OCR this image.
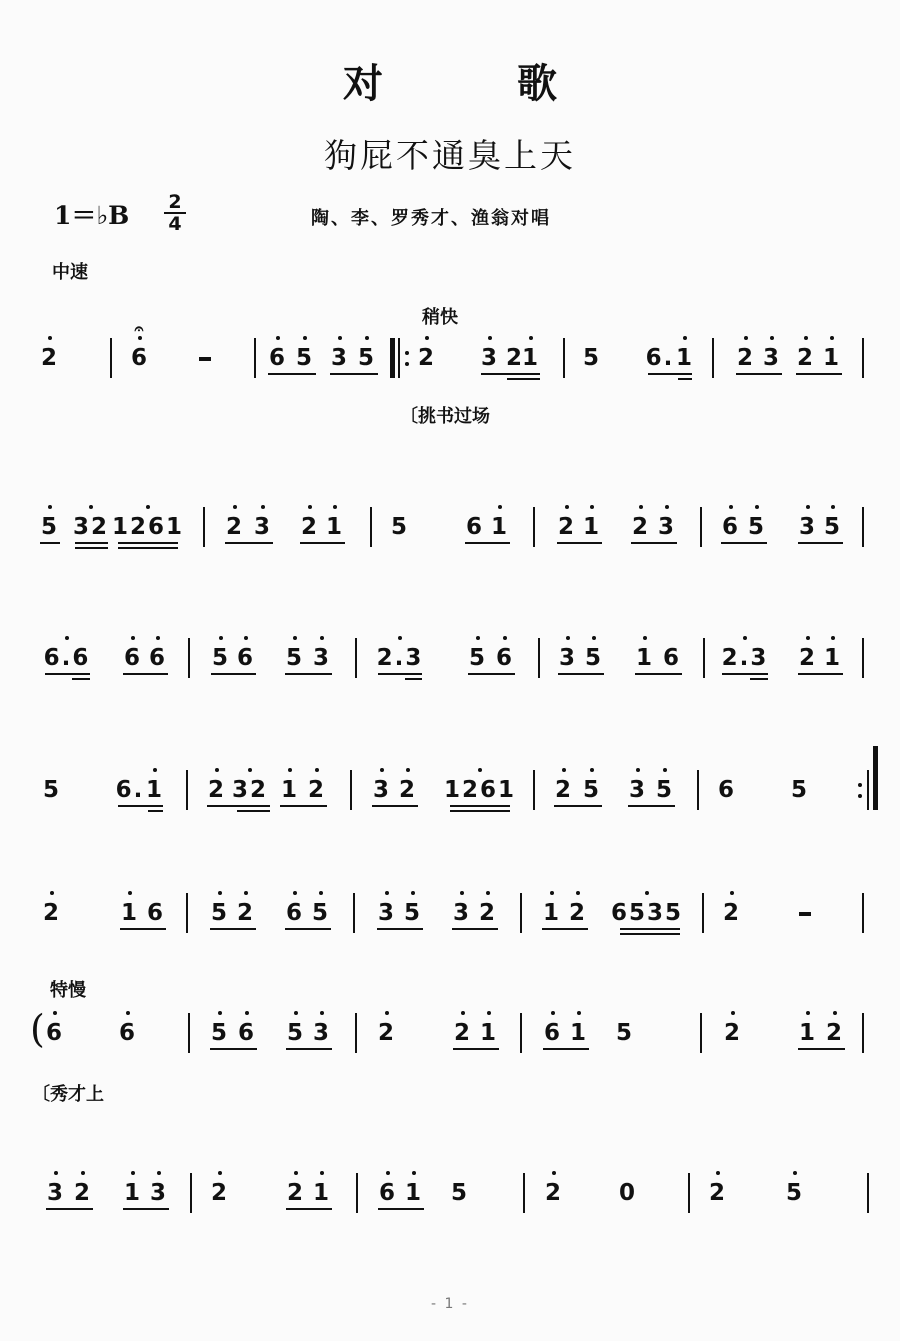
对 歌
狗屁不通臭上天
1＝♭B 2
4	陶、李、罗秀才、渔翁对唱
中速
稍快
特慢
〔挑书过场
〔秀才上
(
2	6
𝄐
6 5 3 5 2 3 2
1 5 6. 1 2 3 2 1
5 32 1261 2 3 2 1 5 6 1 2 1 2 3 6 5 3 5
6.6 6 6 5 6 5 3 2.3 5 6 3 5 1 6 2.3 2 1
5 6. 1 2 32 1 2 3 2 1261 2 5 3 5 6 5
2	1 6 5 2 6 5 3 5 3 2 1 2 6535 2
6 6	5 6 5 3 2	2 1 6 1 5	2 1 2
3 2 1 3 2	2 1 6 1 5	2 0	2	5
- 1 -
